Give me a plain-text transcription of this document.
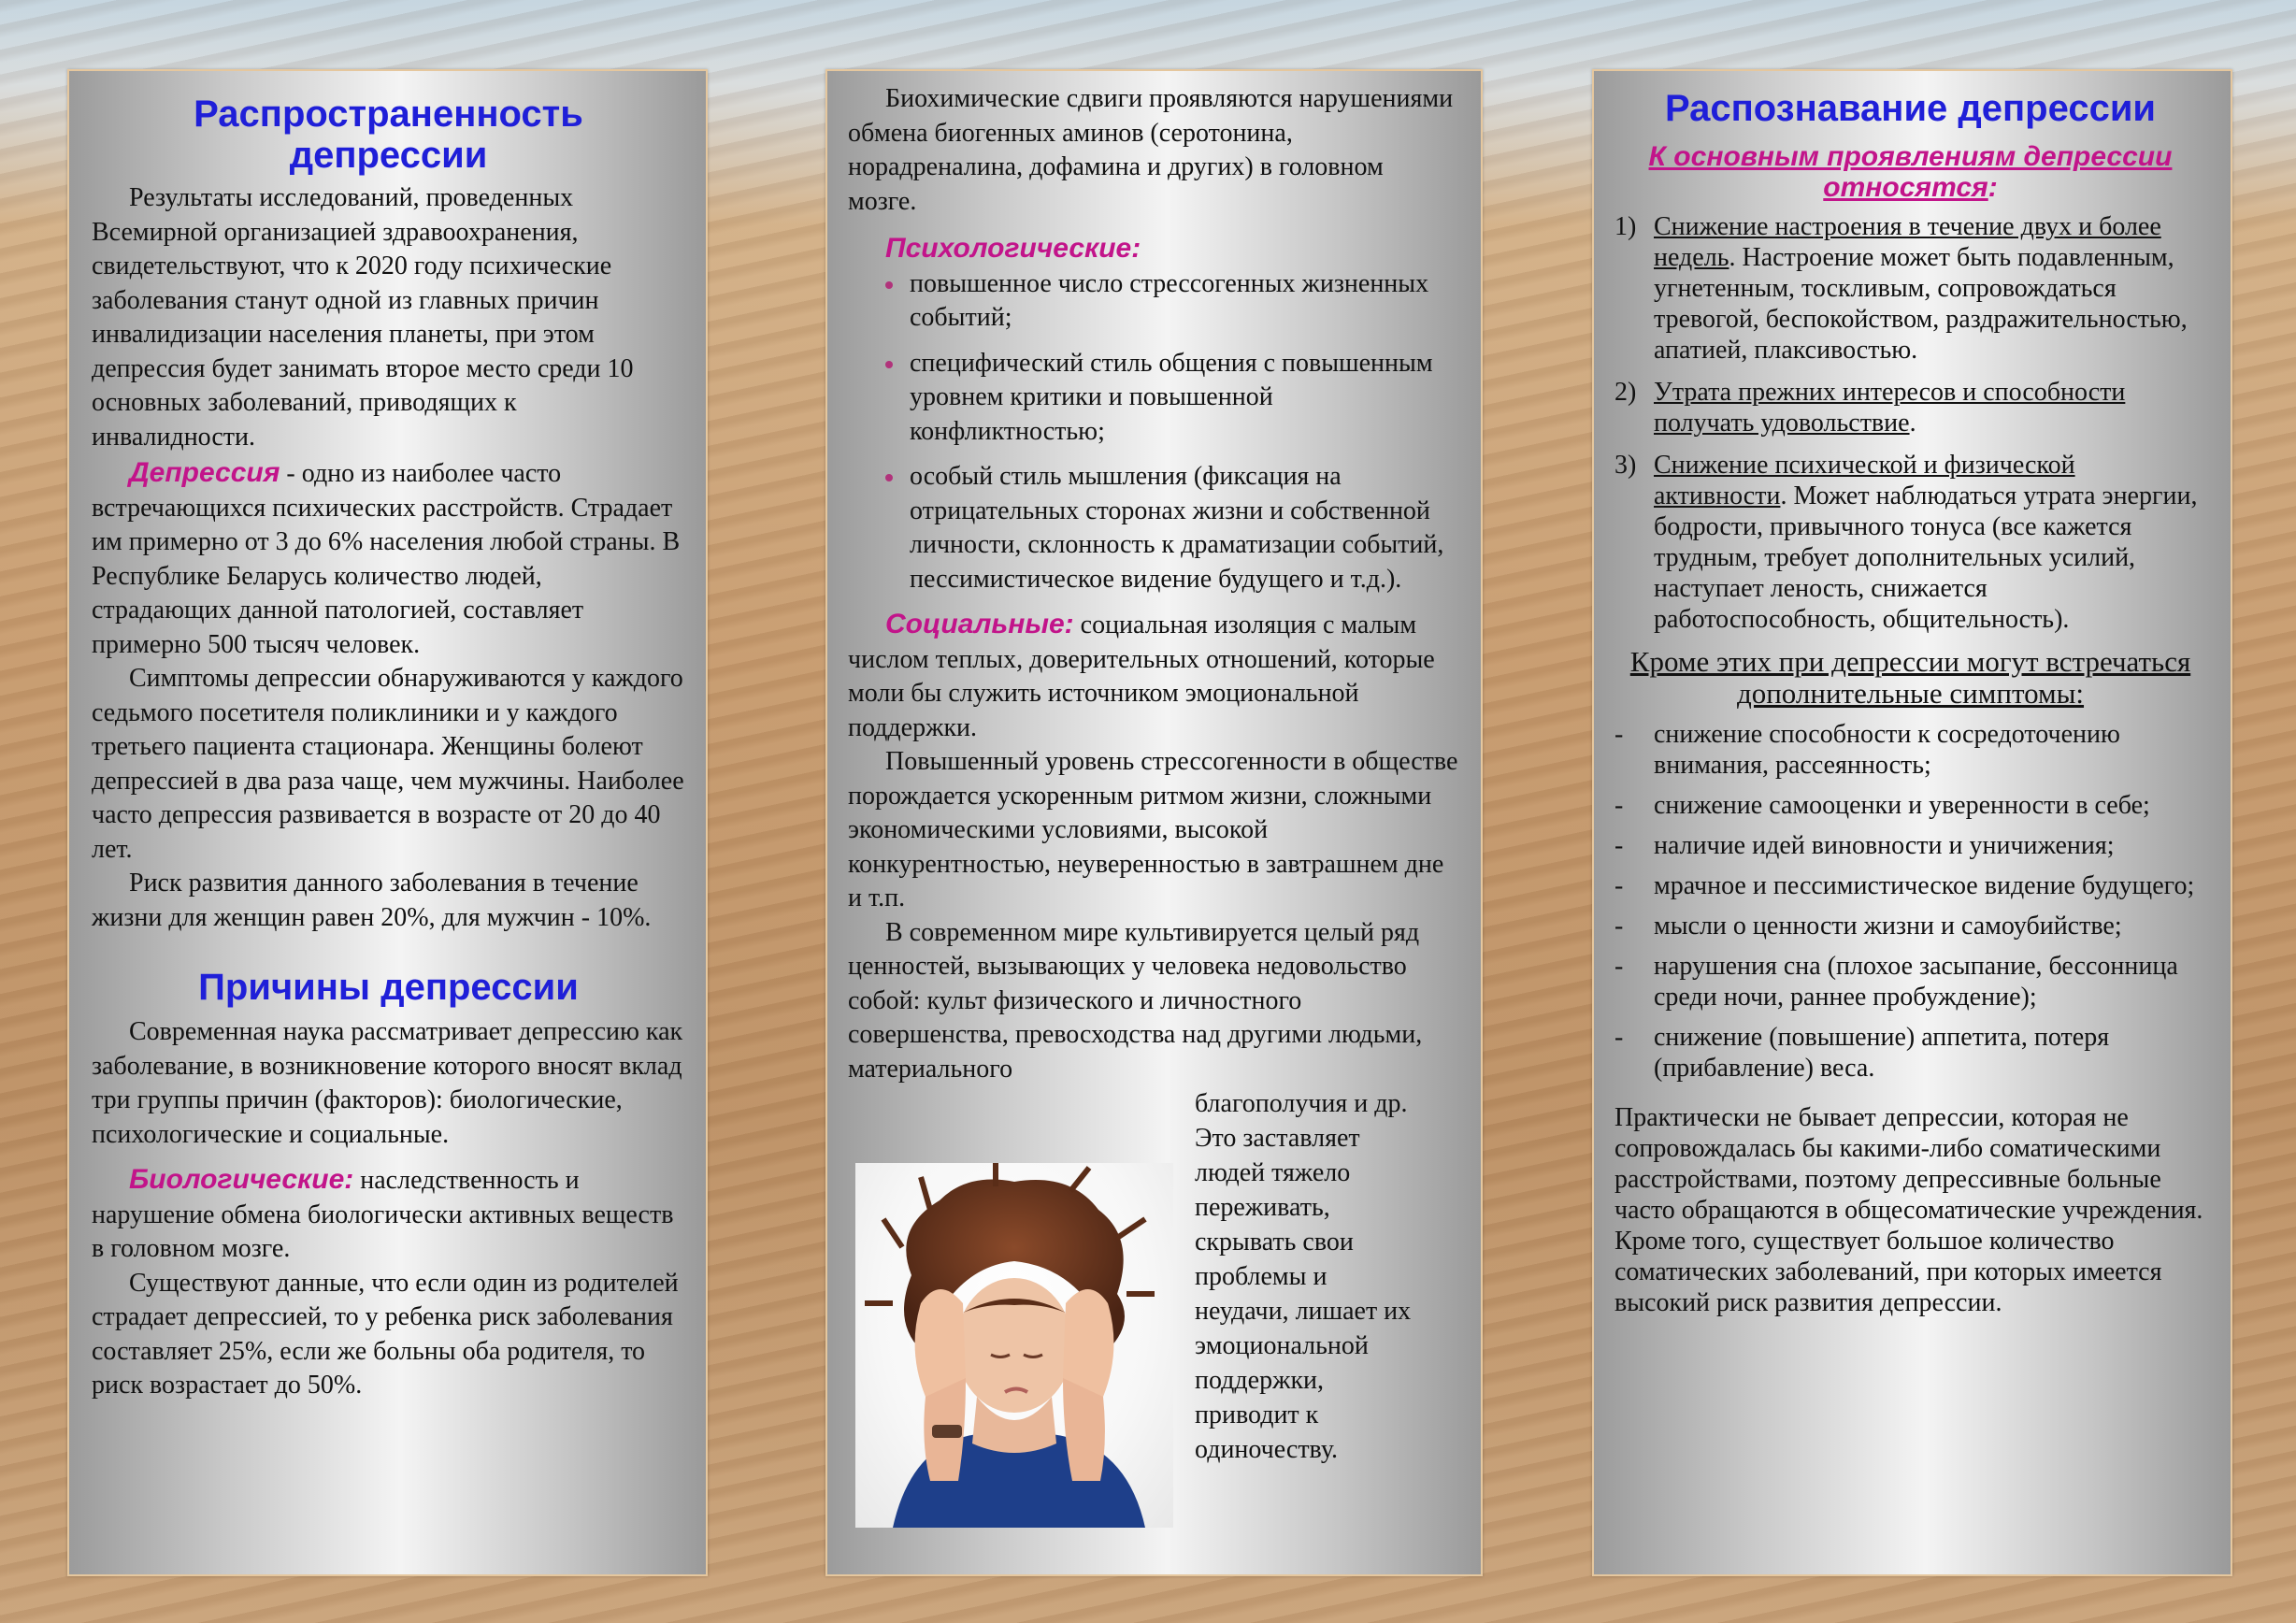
Распространенность депрессии

Результаты исследований, проведенных Всемирной организацией здравоохранения, свидетельствуют, что к 2020 году психические заболевания станут одной из главных причин инвалидизации населения планеты, при этом депрессия будет занимать второе место среди 10 основных заболеваний, приводящих к инвалидности.

Депрессия - одно из наиболее часто встречающихся психических расстройств. Страдает им примерно от 3 до 6% населения любой страны. В Республике Беларусь количество людей, страдающих данной патологией, составляет примерно 500 тысяч человек.

Симптомы депрессии обнаруживаются у каждого седьмого посетителя поликлиники и у каждого третьего пациента стационара. Женщины болеют депрессией в два раза чаще, чем мужчины. Наиболее часто депрессия развивается в возрасте от 20 до 40 лет.

Риск развития данного заболевания в течение жизни для женщин равен 20%, для мужчин - 10%.

Причины депрессии

Современная наука рассматривает депрессию как заболевание, в возникновение которого вносят вклад три группы причин (факторов): биологические, психологические и социальные.

Биологические: наследственность и нарушение обмена биологически активных веществ в головном мозге.

Существуют данные, что если один из родителей страдает депрессией, то у ребенка риск заболевания составляет 25%, если же больны оба родителя, то риск возрастает до 50%.

Биохимические сдвиги проявляются нарушениями обмена биогенных аминов (серотонина, норадреналина, дофамина и других) в головном мозге.

Психологические:

повышенное число стрессогенных жизненных событий;
специфический стиль общения с повышенным уровнем критики и повышенной конфликтностью;
особый стиль мышления (фиксация на отрицательных сторонах жизни и собственной личности, склонность к драматизации событий, пессимистическое видение будущего и т.д.).

Социальные: социальная изоляция с малым числом теплых, доверительных отношений, которые моли бы служить источником эмоциональной поддержки.

Повышенный уровень стрессогенности в обществе порождается ускоренным ритмом жизни, сложными экономическими условиями, высокой конкурентностью, неуверенностью в завтрашнем дне и т.п.

В современном мире культивируется целый ряд ценностей, вызывающих у человека недовольство собой: культ физического и личностного совершенства, превосходства над другими людьми, материального

благополучия и др.
Это заставляет
людей тяжело
переживать,
скрывать свои
проблемы и
неудачи, лишает их
эмоциональной
поддержки,
приводит к
одиночеству.
Распознавание депрессии
К основным проявлениям депрессии
относятся:
1) Снижение настроения в течение двух и более недель. Настроение может быть подавленным, угнетенным, тоскливым, сопровождаться тревогой, беспокойством, раздражительностью, апатией, плаксивостью.
2) Утрата прежних интересов и способности получать удовольствие.
3) Снижение психической и физической активности. Может наблюдаться утрата энергии, бодрости, привычного тонуса (все кажется трудным, требует дополнительных усилий, наступает леность, снижается работоспособность, общительность).
Кроме этих при депрессии могут встречаться дополнительные симптомы:
- снижение способности к сосредоточению внимания, рассеянность;
- снижение самооценки и уверенности в себе;
- наличие идей виновности и уничижения;
- мрачное и пессимистическое видение будущего;
- мысли о ценности жизни и самоубийстве;
- нарушения сна (плохое засыпание, бессонница среди ночи, раннее пробуждение);
- снижение (повышение) аппетита, потеря (прибавление) веса.

Практически не бывает депрессии, которая не сопровождалась бы какими-либо соматическими расстройствами, поэтому депрессивные больные часто обращаются в общесоматические учреждения. Кроме того, существует большое количество соматических заболеваний, при которых имеется высокий риск развития депрессии.
